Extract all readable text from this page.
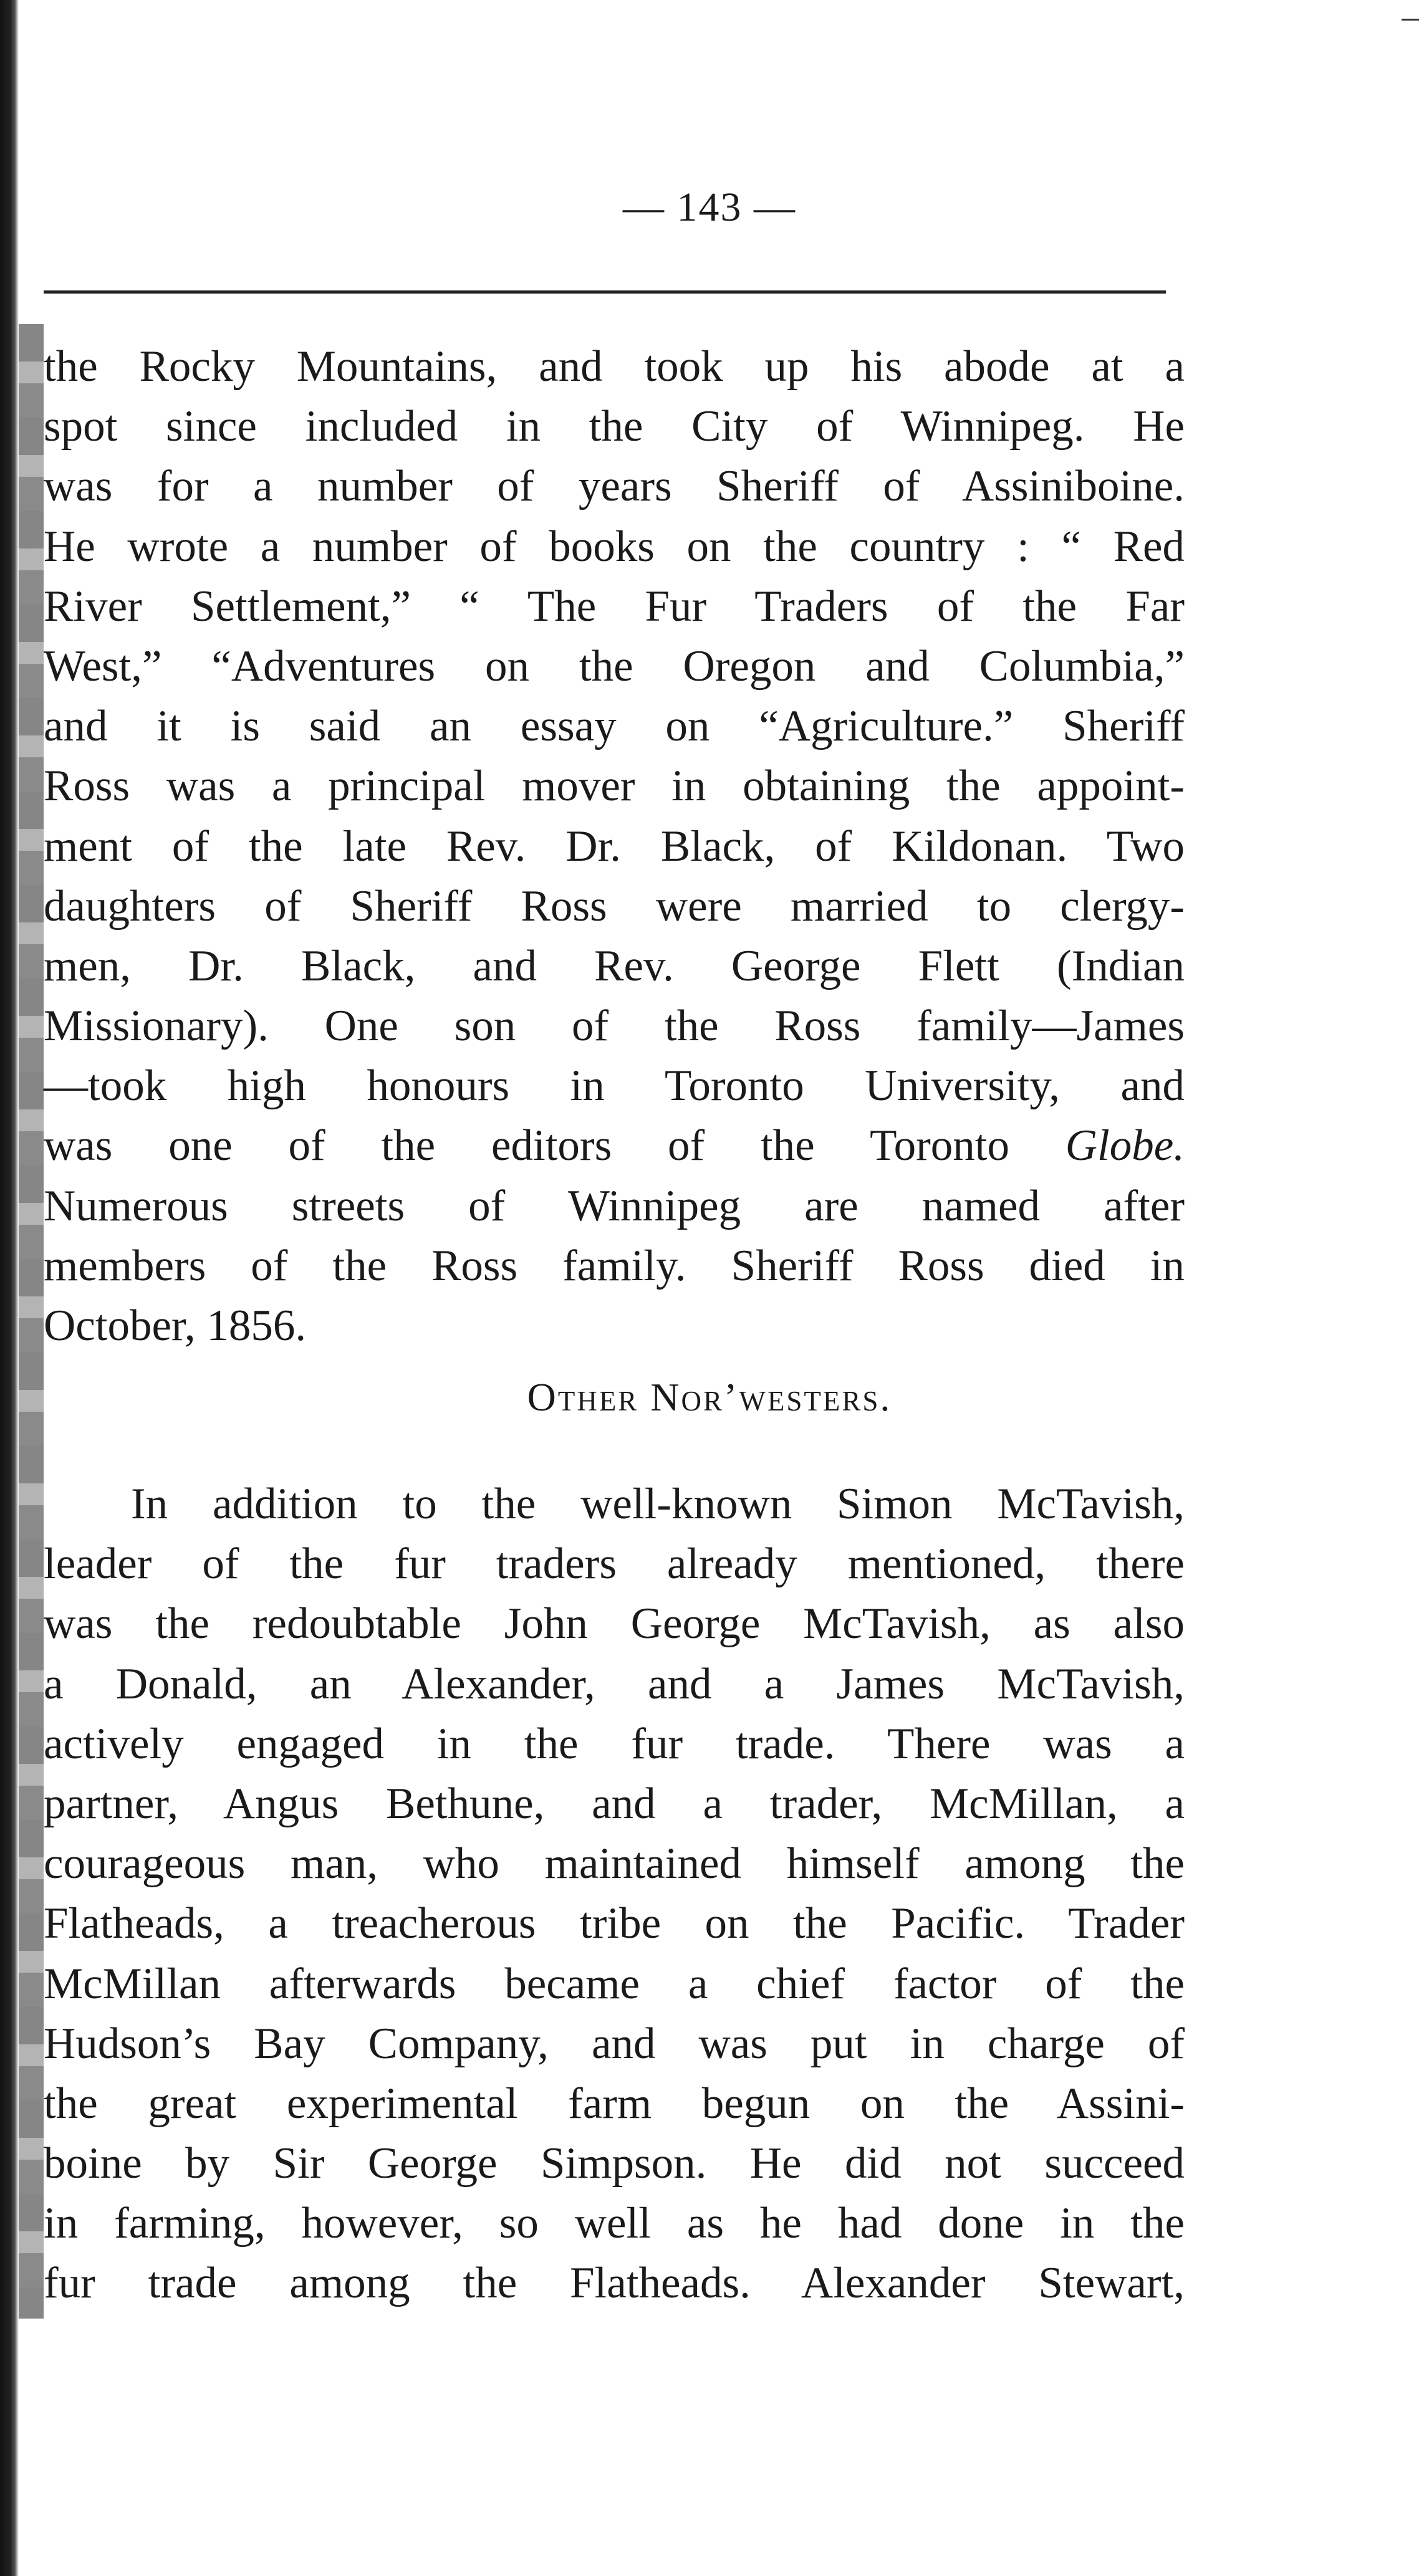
— 143 —
the Rocky Mountains, and took up his abode at a
spot since included in the City of Winnipeg. He
was for a number of years Sheriff of Assiniboine.
He wrote a number of books on the country : “ Red
River Settlement,” “ The Fur Traders of the Far
West,” “Adventures on the Oregon and Columbia,”
and it is said an essay on “Agriculture.” Sheriff
Ross was a principal mover in obtaining the appoint-
ment of the late Rev. Dr. Black, of Kildonan. Two
daughters of Sheriff Ross were married to clergy-
men, Dr. Black, and Rev. George Flett (Indian
Missionary). One son of the Ross family—James
—took high honours in Toronto University, and
was one of the editors of the Toronto Globe.
Numerous streets of Winnipeg are named after
members of the Ross family. Sheriff Ross died in
October, 1856.
Other Nor’westers.
In addition to the well-known Simon McTavish,
leader of the fur traders already mentioned, there
was the redoubtable John George McTavish, as also
a Donald, an Alexander, and a James McTavish,
actively engaged in the fur trade. There was a
partner, Angus Bethune, and a trader, McMillan, a
courageous man, who maintained himself among the
Flatheads, a treacherous tribe on the Pacific. Trader
McMillan afterwards became a chief factor of the
Hudson’s Bay Company, and was put in charge of
the great experimental farm begun on the Assini-
boine by Sir George Simpson. He did not succeed
in farming, however, so well as he had done in the
fur trade among the Flatheads. Alexander Stewart,
